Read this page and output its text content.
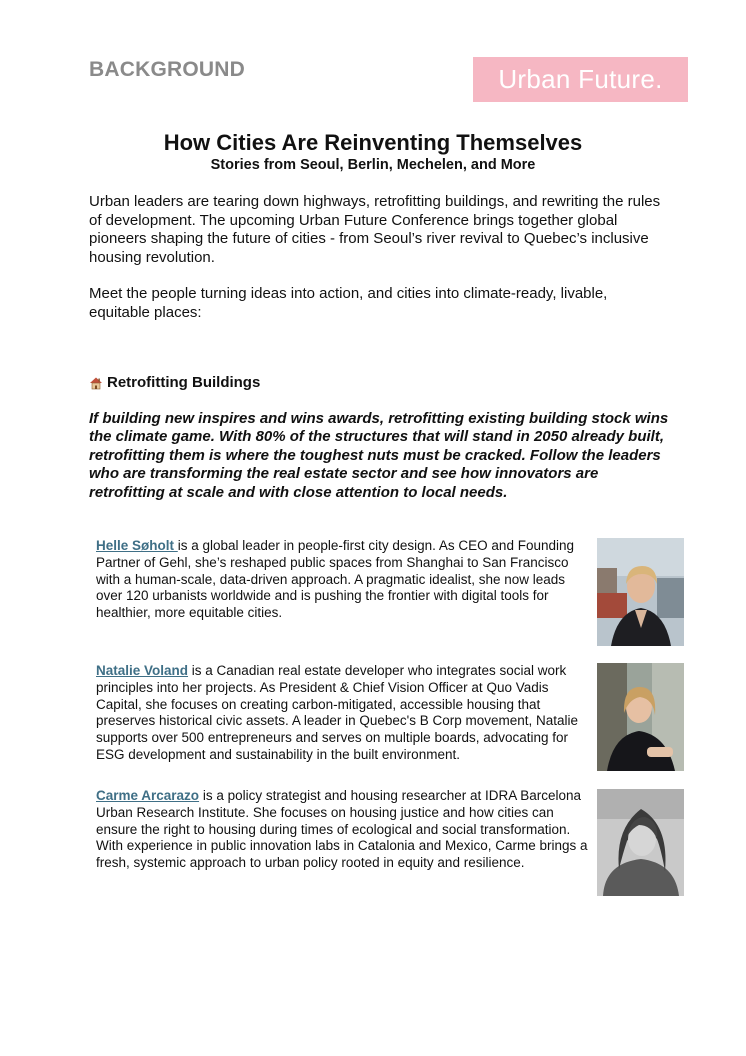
BACKGROUND	Urban Future.
How Cities Are Reinventing Themselves
Stories from Seoul, Berlin, Mechelen, and More

Urban leaders are tearing down highways, retrofitting buildings, and rewriting the rules of development. The upcoming Urban Future Conference brings together global pioneers shaping the future of cities - from Seoul’s river revival to Quebec’s inclusive housing revolution.

Meet the people turning ideas into action, and cities into climate-ready, livable, equitable places:

Retrofitting Buildings

If building new inspires and wins awards, retrofitting existing building stock wins the climate game. With 80% of the structures that will stand in 2050 already built, retrofitting them is where the toughest nuts must be cracked. Follow the leaders who are transforming the real estate sector and see how innovators are retrofitting at scale and with close attention to local needs.

Helle Søholt is a global leader in people-first city design. As CEO and Founding Partner of Gehl, she’s reshaped public spaces from Shanghai to San Francisco with a human-scale, data-driven approach. A pragmatic idealist, she now leads over 120 urbanists worldwide and is pushing the frontier with digital tools for healthier, more equitable cities.

Natalie Voland is a Canadian real estate developer who integrates social work principles into her projects. As President & Chief Vision Officer at Quo Vadis Capital, she focuses on creating carbon-mitigated, accessible housing that preserves historical civic assets. A leader in Quebec's B Corp movement, Natalie supports over 500 entrepreneurs and serves on multiple boards, advocating for ESG development and sustainability in the built environment.

Carme Arcarazo is a policy strategist and housing researcher at IDRA Barcelona Urban Research Institute. She focuses on housing justice and how cities can ensure the right to housing during times of ecological and social transformation. With experience in public innovation labs in Catalonia and Mexico, Carme brings a fresh, systemic approach to urban policy rooted in equity and resilience.
